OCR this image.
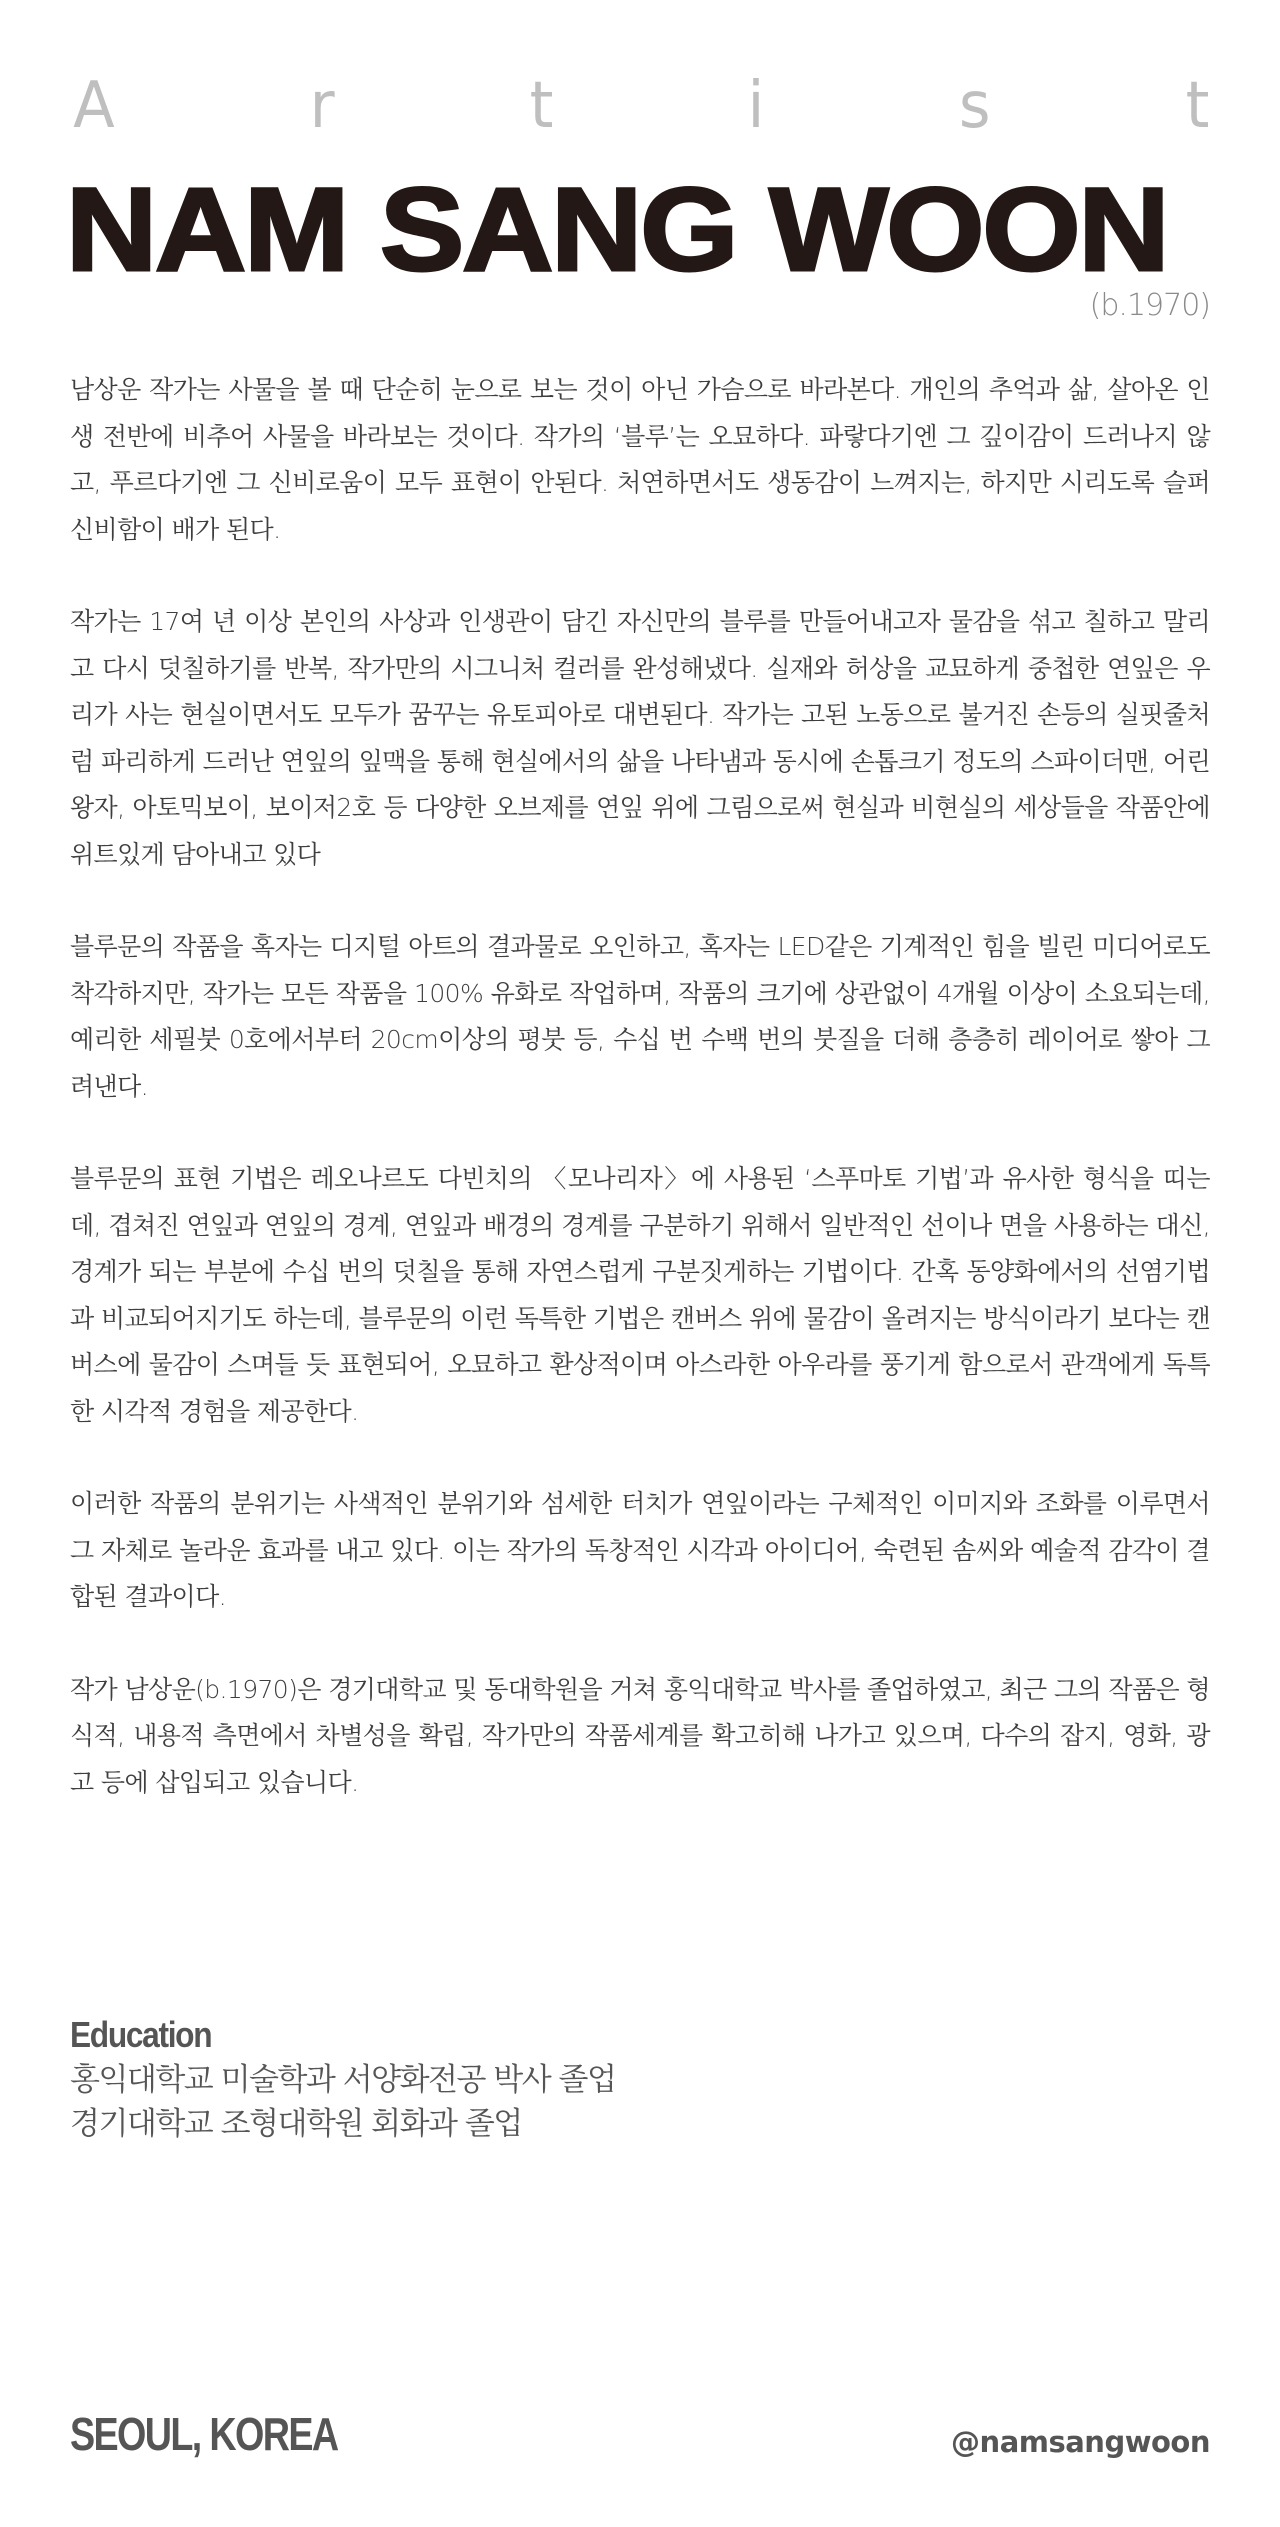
A	r	t	i	s	t
NAM SANG WOON
(b.1970)

남상운 작가는 사물을 볼 때 단순히 눈으로 보는 것이 아닌 가슴으로 바라본다. 개인의 추억과 삶, 살아온 인생 전반에 비추어 사물을 바라보는 것이다. 작가의 ‘블루’는 오묘하다. 파랗다기엔 그 깊이감이 드러나지 않고, 푸르다기엔 그 신비로움이 모두 표현이 안된다. 처연하면서도 생동감이 느껴지는, 하지만 시리도록 슬퍼 신비함이 배가 된다.

작가는 17여 년 이상 본인의 사상과 인생관이 담긴 자신만의 블루를 만들어내고자 물감을 섞고 칠하고 말리고 다시 덧칠하기를 반복, 작가만의 시그니처 컬러를 완성해냈다. 실재와 허상을 교묘하게 중첩한 연잎은 우리가 사는 현실이면서도 모두가 꿈꾸는 유토피아로 대변된다. 작가는 고된 노동으로 불거진 손등의 실핏줄처럼 파리하게 드러난 연잎의 잎맥을 통해 현실에서의 삶을 나타냄과 동시에 손톱크기 정도의 스파이더맨, 어린왕자, 아토믹보이, 보이저2호 등 다양한 오브제를 연잎 위에 그림으로써 현실과 비현실의 세상들을 작품안에 위트있게 담아내고 있다

블루문의 작품을 혹자는 디지털 아트의 결과물로 오인하고, 혹자는 LED같은 기계적인 힘을 빌린 미디어로도 착각하지만, 작가는 모든 작품을 100% 유화로 작업하며, 작품의 크기에 상관없이 4개월 이상이 소요되는데, 예리한 세필붓 0호에서부터 20cm이상의 평붓 등, 수십 번 수백 번의 붓질을 더해 층층히 레이어로 쌓아 그려낸다.

블루문의 표현 기법은 레오나르도 다빈치의 〈모나리자〉에 사용된 ‘스푸마토 기법’과 유사한 형식을 띠는데, 겹쳐진 연잎과 연잎의 경계, 연잎과 배경의 경계를 구분하기 위해서 일반적인 선이나 면을 사용하는 대신, 경계가 되는 부분에 수십 번의 덧칠을 통해 자연스럽게 구분짓게하는 기법이다. 간혹 동양화에서의 선염기법과 비교되어지기도 하는데, 블루문의 이런 독특한 기법은 캔버스 위에 물감이 올려지는 방식이라기 보다는 캔버스에 물감이 스며들 듯 표현되어, 오묘하고 환상적이며 아스라한 아우라를 풍기게 함으로서 관객에게 독특한 시각적 경험을 제공한다.

이러한 작품의 분위기는 사색적인 분위기와 섬세한 터치가 연잎이라는 구체적인 이미지와 조화를 이루면서 그 자체로 놀라운 효과를 내고 있다. 이는 작가의 독창적인 시각과 아이디어, 숙련된 솜씨와 예술적 감각이 결합된 결과이다.

작가 남상운(b.1970)은 경기대학교 및 동대학원을 거쳐 홍익대학교 박사를 졸업하였고, 최근 그의 작품은 형식적, 내용적 측면에서 차별성을 확립, 작가만의 작품세계를 확고히해 나가고 있으며, 다수의 잡지, 영화, 광고 등에 삽입되고 있습니다.

Education
홍익대학교 미술학과 서양화전공 박사 졸업
경기대학교 조형대학원 회화과 졸업
SEOUL, KOREA	@namsangwoon
